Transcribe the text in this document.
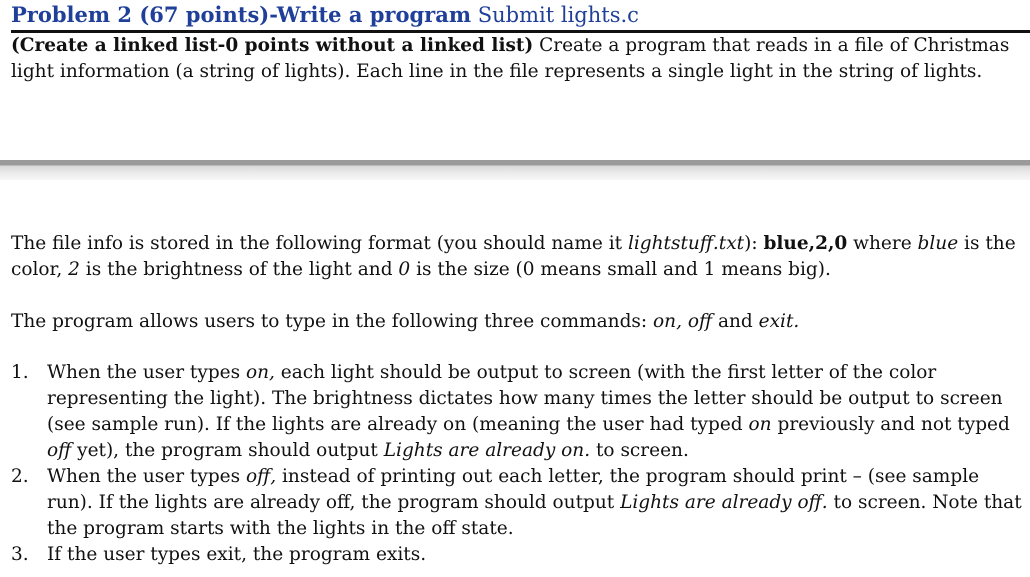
Problem 2 (67 points)-Write a program Submit lights.c
(Create a linked list-0 points without a linked list) Create a program that reads in a file of Christmas light information (a string of lights). Each line in the file represents a single light in the string of lights.
The file info is stored in the following format (you should name it lightstuff.txt): blue,2,0 where blue is the color, 2 is the brightness of the light and 0 is the size (0 means small and 1 means big).
The program allows users to type in the following three commands: on, off and exit.
1. When the user types on, each light should be output to screen (with the first letter of the color representing the light). The brightness dictates how many times the letter should be output to screen (see sample run). If the lights are already on (meaning the user had typed on previously and not typed off yet), the program should output Lights are already on. to screen.
2. When the user types off, instead of printing out each letter, the program should print – (see sample run). If the lights are already off, the program should output Lights are already off. to screen. Note that the program starts with the lights in the off state.
3. If the user types exit, the program exits.
